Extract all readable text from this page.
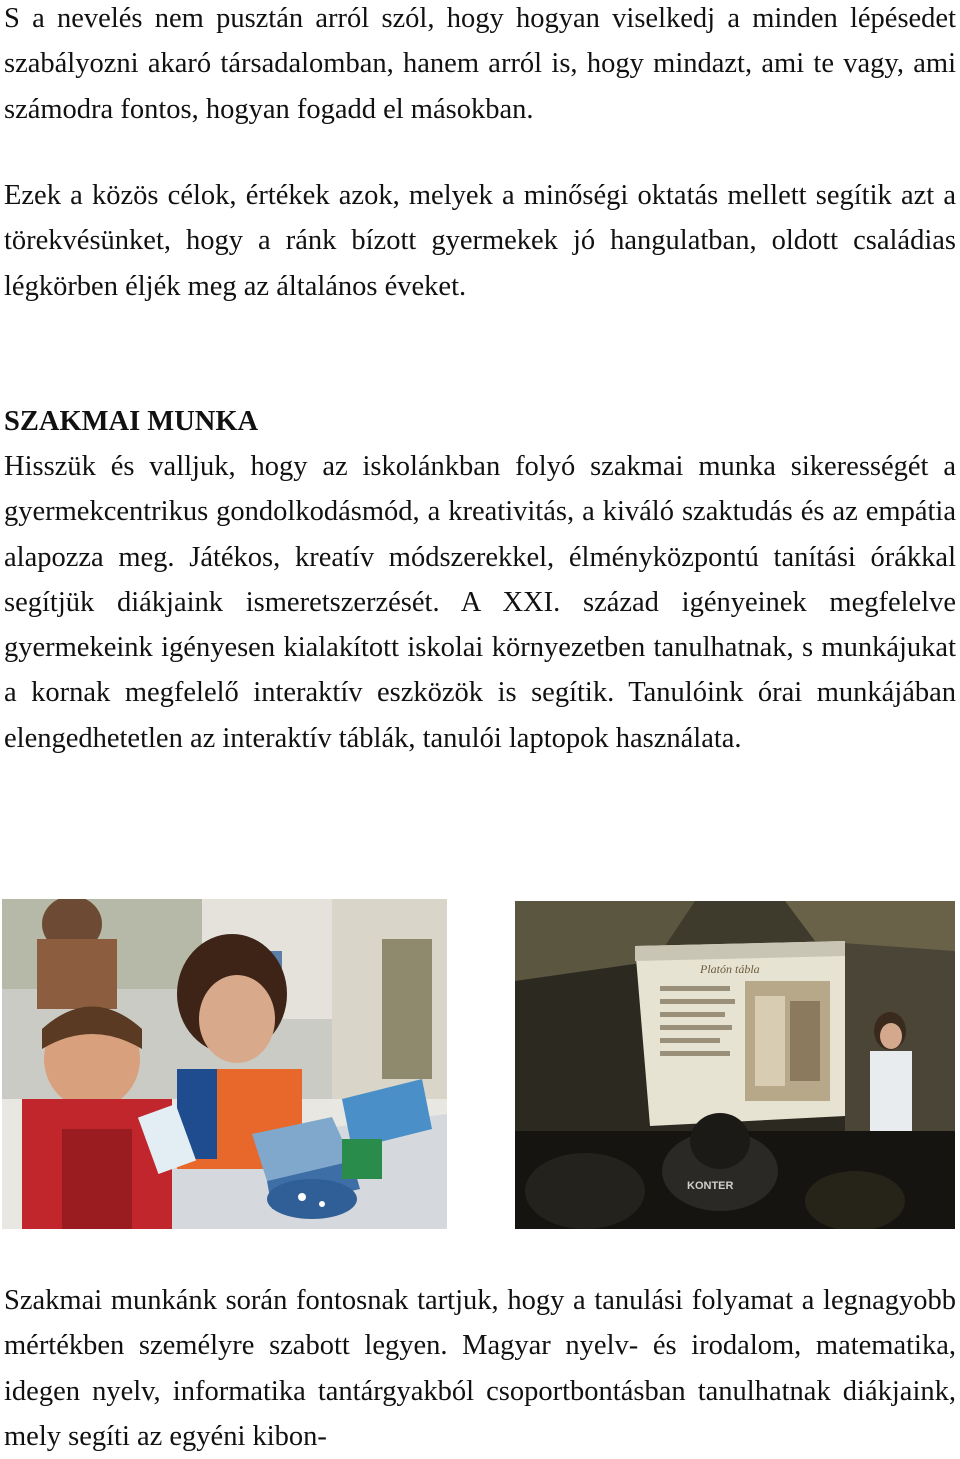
S a nevelés nem pusztán arról szól, hogy hogyan viselkedj a minden lépésedet szabályozni akaró társadalomban, hanem arról is, hogy mindazt, ami te vagy, ami számodra fontos, hogyan fogadd el másokban.

Ezek a közös célok, értékek azok, melyek a minőségi oktatás mellett segítik azt a törekvésünket, hogy a ránk bízott gyermekek jó hangulatban, oldott családias légkörben éljék meg az általános éveket.

SZAKMAI MUNKA

Hisszük és valljuk, hogy az iskolánkban folyó szakmai munka sikerességét a gyermekcentrikus gondolkodásmód, a kreativitás, a kiváló szaktudás és az empátia alapozza meg. Játékos, kreatív módszerekkel, élményközpontú tanítási órákkal segítjük diákjaink ismeretszerzését. A XXI. század igényeinek megfelelve gyermekeink igényesen kialakított iskolai környezetben tanulhatnak, s munkájukat a kornak megfelelő interaktív eszközök is segítik. Tanulóink órai munkájában elengedhetetlen az interaktív táblák, tanulói laptopok használata.

Platón tábla
KONTER

Szakmai munkánk során fontosnak tartjuk, hogy a tanulási folyamat a legnagyobb mértékben személyre szabott legyen. Magyar nyelv- és irodalom, matematika, idegen nyelv, informatika tantárgyakból csoportbontásban tanulhatnak diákjaink, mely segíti az egyéni kibon-
